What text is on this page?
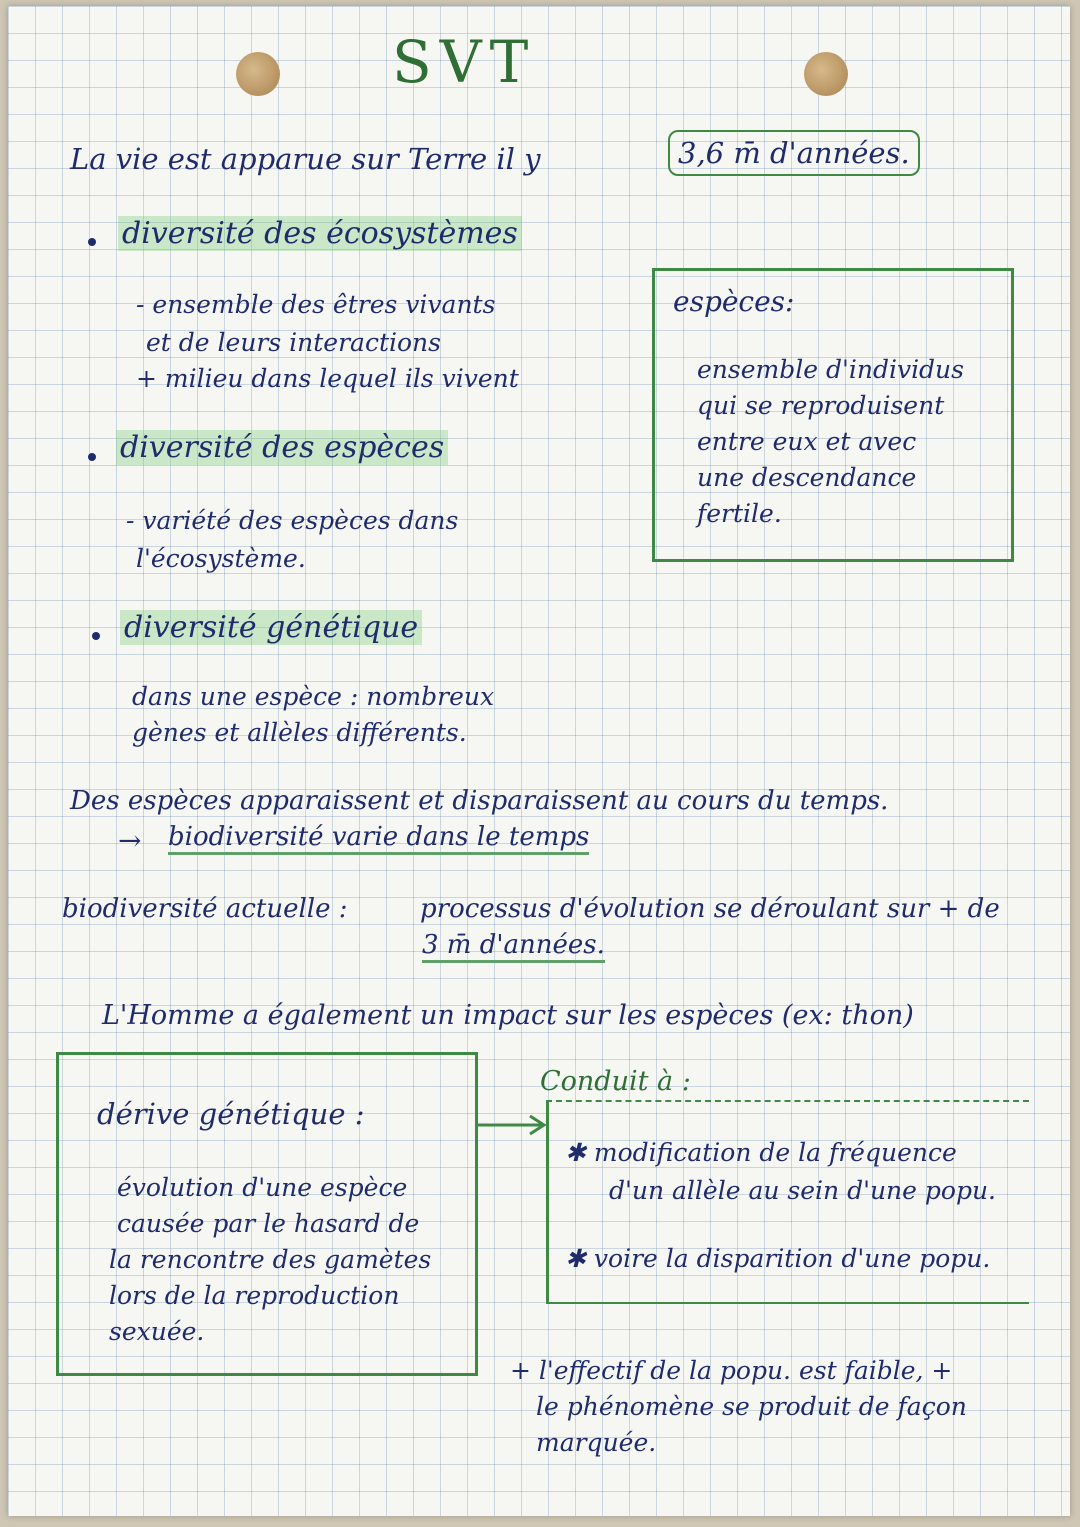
SVT
La vie est apparue sur Terre il y	3,6 m̄ d'années.
diversité des écosystèmes
- ensemble des êtres vivants
et de leurs interactions
+ milieu dans lequel ils vivent
diversité des espèces
- variété des espèces dans
l'écosystème.
diversité génétique
dans une espèce : nombreux
gènes et allèles différents.
espèces:
ensemble d'individus
qui se reproduisent
entre eux et avec
une descendance
fertile.
Des espèces apparaissent et disparaissent au cours du temps.
→ biodiversité varie dans le temps
biodiversité actuelle :	processus d'évolution se déroulant sur + de
3 m̄ d'années.
L'Homme a également un impact sur les espèces (ex: thon)
dérive génétique :
évolution d'une espèce
causée par le hasard de
la rencontre des gamètes
lors de la reproduction
sexuée.
Conduit à :
✱ modification de la fréquence
d'un allèle au sein d'une popu.
✱ voire la disparition d'une popu.
+ l'effectif de la popu. est faible, +
le phénomène se produit de façon
marquée.
